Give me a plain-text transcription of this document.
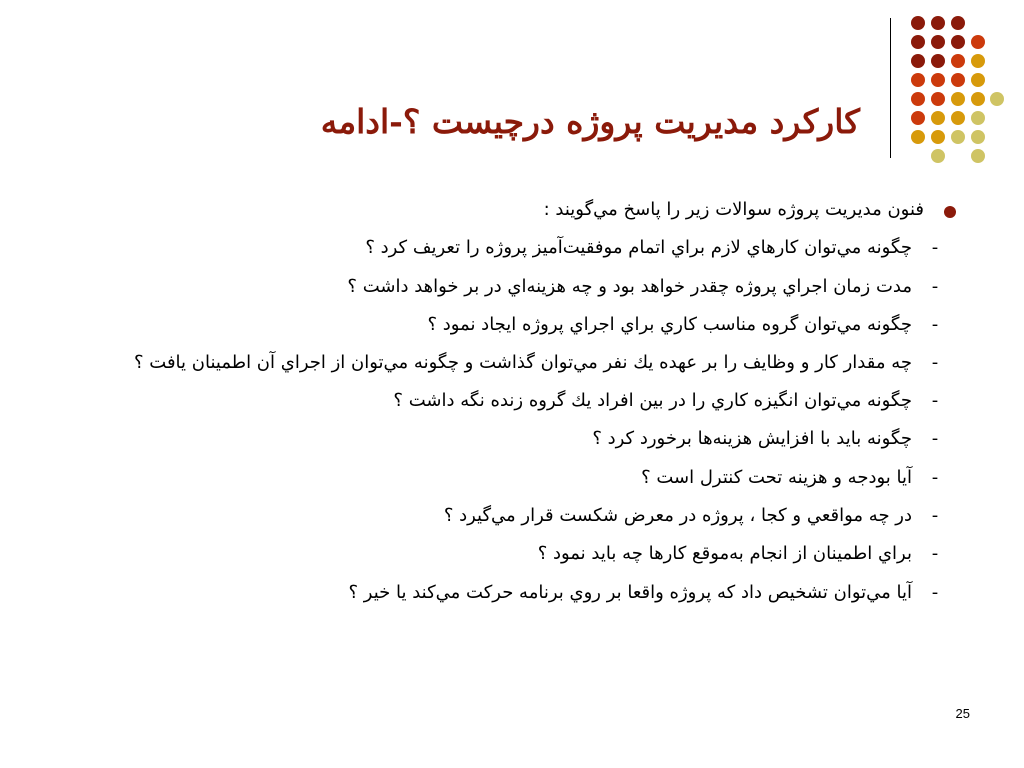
كاركرد مديريت پروژه درچيست ؟-ادامه
فنون مديريت پروژه سوالات زير را پاسخ مي‌گويند :
-
چگونه مي‌توان كارهاي لازم براي اتمام موفقيت‌آميز پروژه را تعريف كرد ؟
-
مدت زمان اجراي پروژه چقدر خواهد بود و چه هزينه‌اي در بر خواهد داشت ؟
-
چگونه مي‌توان گروه مناسب كاري براي اجراي پروژه ايجاد نمود ؟
-
چه مقدار كار و وظايف را بر عهده يك نفر مي‌توان گذاشت و چگونه مي‌توان از اجراي آن اطمينان يافت ؟
-
چگونه مي‌توان انگيزه كاري را در بين افراد يك گروه زنده نگه داشت ؟
-
چگونه بايد با افزايش هزينه‌ها برخورد كرد ؟
-
آيا بودجه و هزينه تحت كنترل است ؟
-
در چه مواقعي و كجا ، پروژه در معرض شكست قرار مي‌گيرد ؟
-
براي اطمينان از انجام به‌موقع كارها چه بايد نمود ؟
-
آيا مي‌توان تشخيص داد كه پروژه واقعا بر روي برنامه حركت مي‌كند يا خير ؟
25
